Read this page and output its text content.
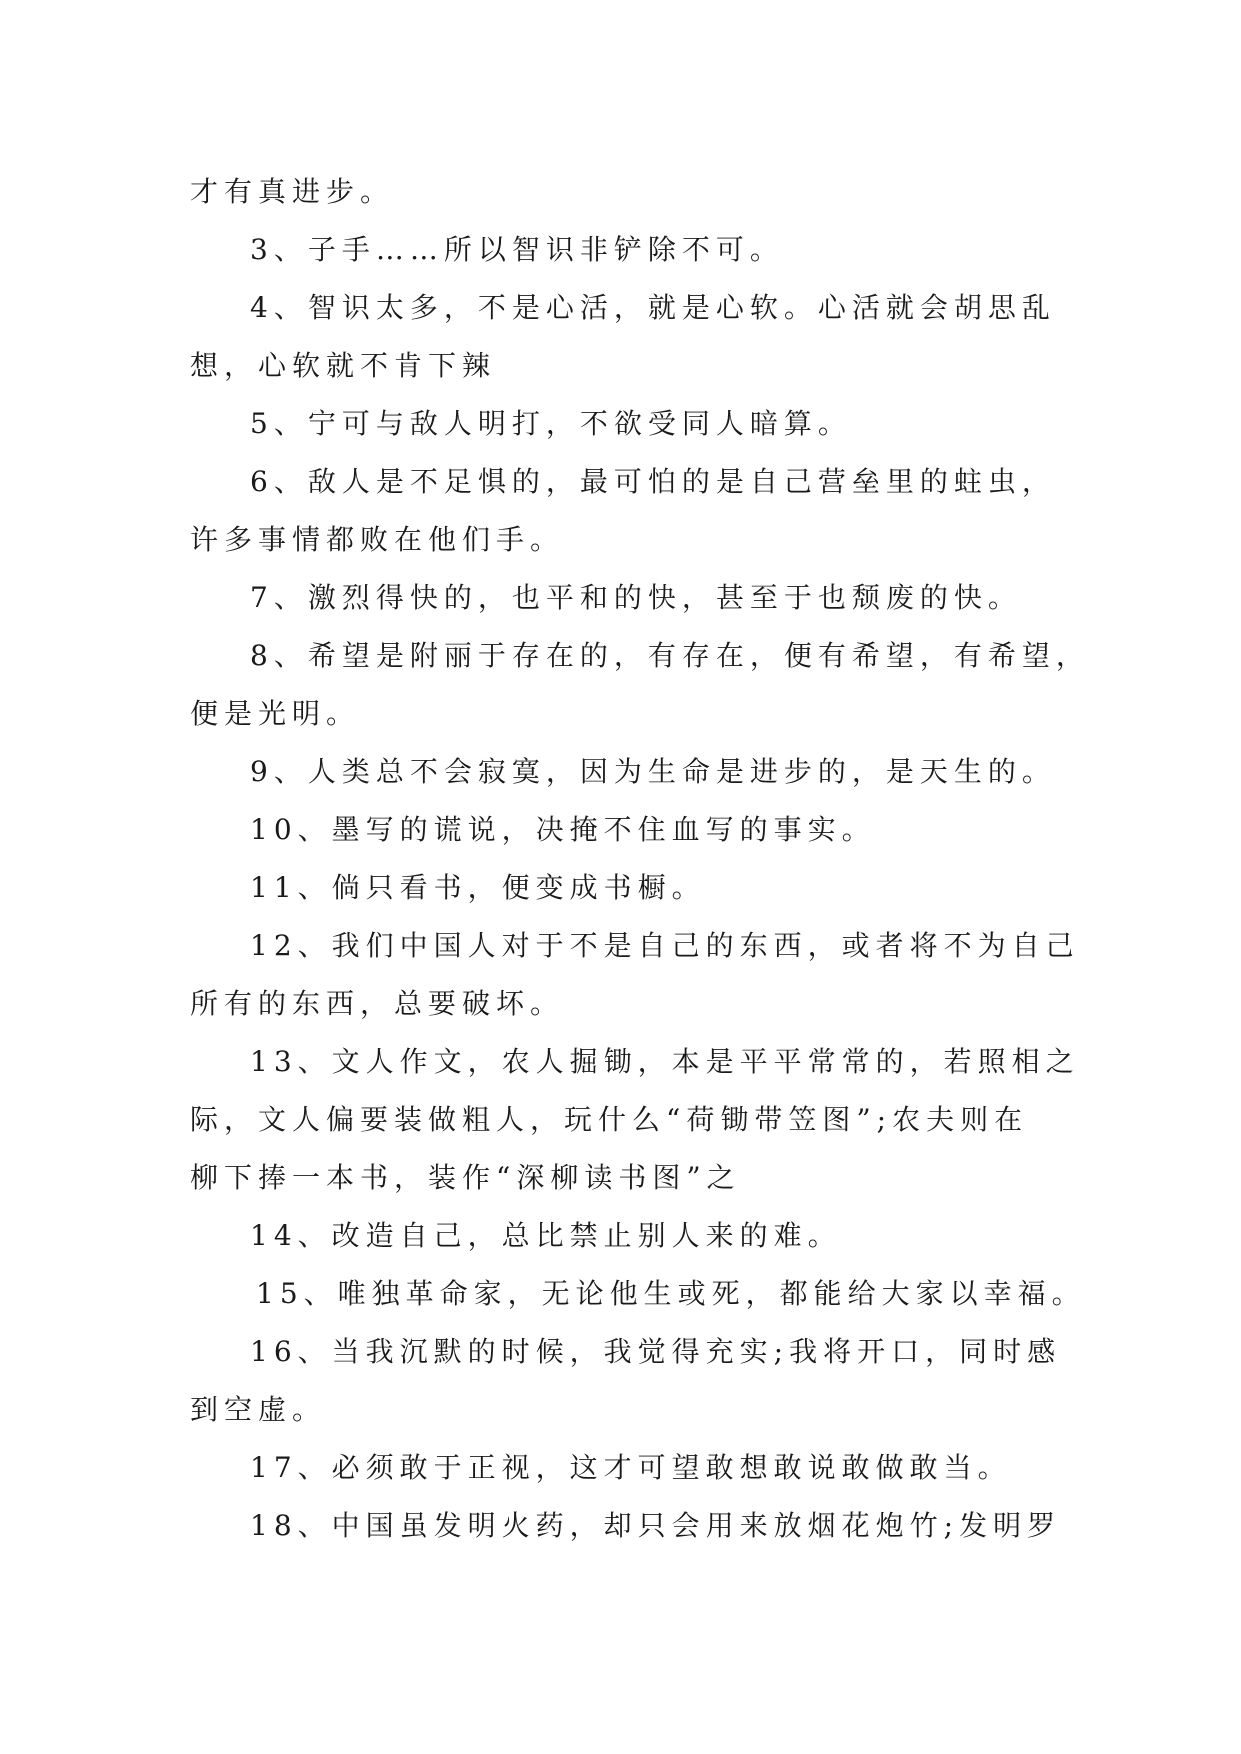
才有真进步。
3、子手……所以智识非铲除不可。
4、智识太多，不是心活，就是心软。心活就会胡思乱
想，心软就不肯下辣
5、宁可与敌人明打，不欲受同人暗算。
6、敌人是不足惧的，最可怕的是自己营垒里的蛀虫，
许多事情都败在他们手。
7、激烈得快的，也平和的快，甚至于也颓废的快。
8、希望是附丽于存在的，有存在，便有希望，有希望，
便是光明。
9、人类总不会寂寞，因为生命是进步的，是天生的。
10、墨写的谎说，决掩不住血写的事实。
11、倘只看书，便变成书橱。
12、我们中国人对于不是自己的东西，或者将不为自己
所有的东西，总要破坏。
13、文人作文，农人掘锄，本是平平常常的，若照相之
际，文人偏要装做粗人，玩什么“荷锄带笠图”;农夫则在
柳下捧一本书，装作“深柳读书图”之
14、改造自己，总比禁止别人来的难。
15、唯独革命家，无论他生或死，都能给大家以幸福。
16、当我沉默的时候，我觉得充实;我将开口，同时感
到空虚。
17、必须敢于正视，这才可望敢想敢说敢做敢当。
18、中国虽发明火药，却只会用来放烟花炮竹;发明罗
